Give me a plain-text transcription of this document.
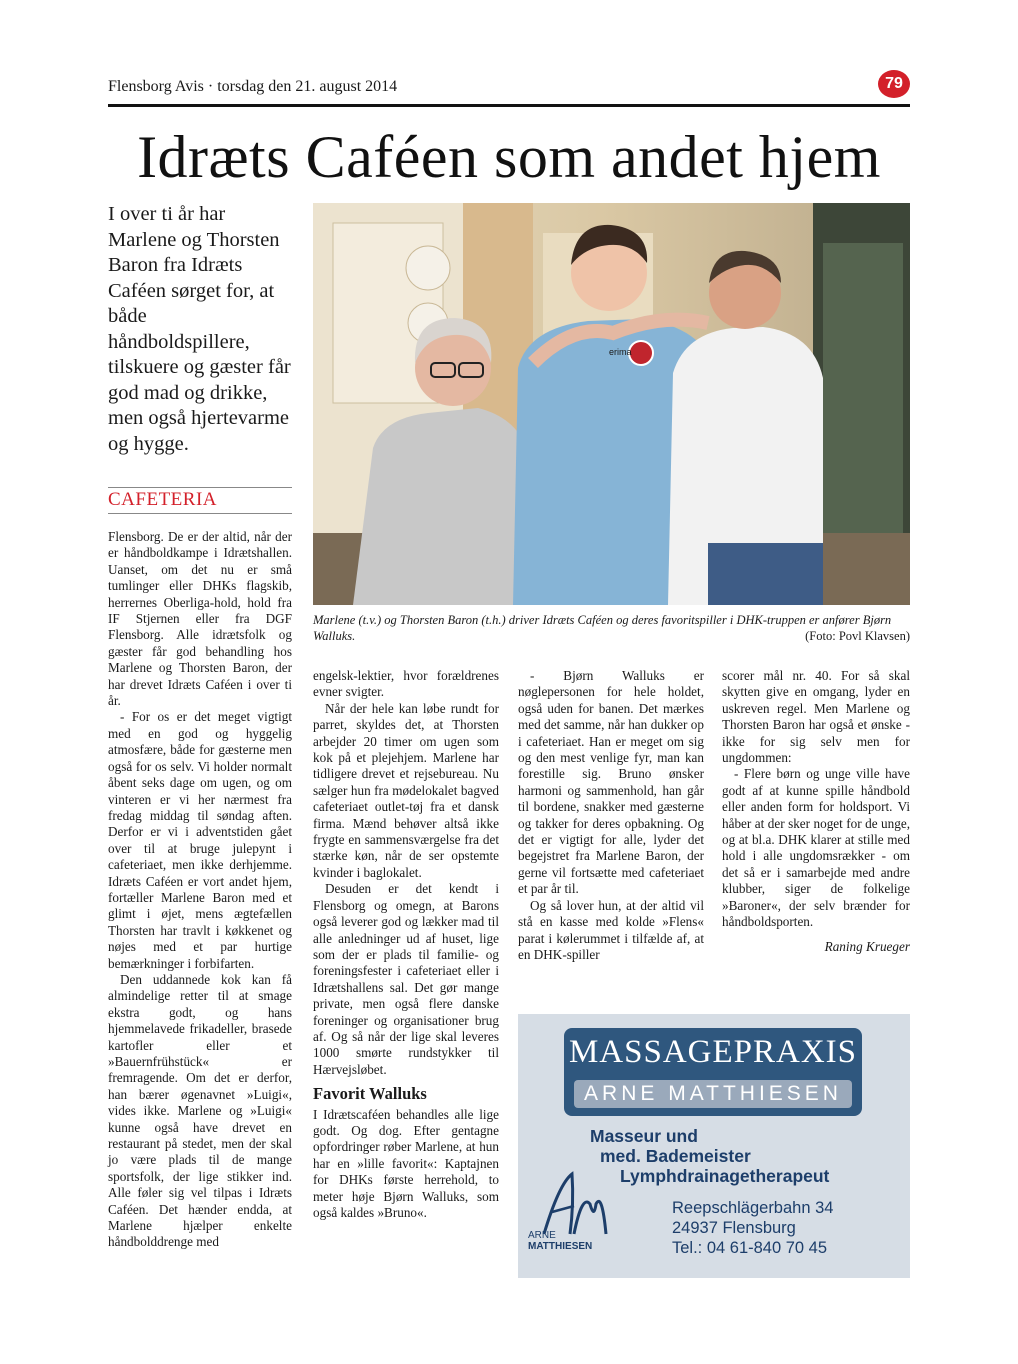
Flensborg Avis · torsdag den 21. august 2014	79
Idræts Caféen som andet hjem
I over ti år har Marlene og Thorsten Baron fra Idræts Caféen sørget for, at både håndboldspillere, tilskuere og gæster får god mad og drikke, men også hjertevarme og hygge.
CAFETERIA

Flensborg. De er der altid, når der er håndboldkampe i Idrætshallen. Uanset, om det nu er små tumlinger eller DHKs flagskib, herrernes Oberliga-hold, hold fra IF Stjernen eller fra DGF Flensborg. Alle idrætsfolk og gæster får god behandling hos Marlene og Thorsten Baron, der har drevet Idræts Caféen i over ti år.

- For os er det meget vigtigt med en god og hyggelig atmosfære, både for gæsterne men også for os selv. Vi holder normalt åbent seks dage om ugen, og om vinteren er vi her nærmest fra fredag middag til søndag aften. Derfor er vi i adventstiden gået over til at bruge julepynt i cafeteriaet, men ikke derhjemme. Idræts Caféen er vort andet hjem, fortæller Marlene Baron med et glimt i øjet, mens ægtefællen Thorsten har travlt i køkkenet og nøjes med et par hurtige bemærkninger i forbifarten.

Den uddannede kok kan få almindelige retter til at smage ekstra godt, og hans hjemmelavede frikadeller, brasede kartofler eller et »Bauernfrühstück« er fremragende. Om det er derfor, han bærer øgenavnet »Luigi«, vides ikke. Marlene og »Luigi« kunne også have drevet en restaurant på stedet, men der skal jo være plads til de mange sportsfolk, der lige stikker ind. Alle føler sig vel tilpas i Idræts Caféen. Det hænder endda, at Marlene hjælper enkelte håndbolddrenge med

erima
Marlene (t.v.) og Thorsten Baron (t.h.) driver Idræts Caféen og deres favoritspiller i DHK-truppen er anfører Bjørn Walluks.	(Foto: Povl Klavsen)

engelsk-lektier, hvor forældrenes evner svigter.

Når der hele kan løbe rundt for parret, skyldes det, at Thorsten arbejder 20 timer om ugen som kok på et plejehjem. Marlene har tidligere drevet et rejsebureau. Nu sælger hun fra mødelokalet bagved cafeteriaet outlet-tøj fra et dansk firma. Mænd behøver altså ikke frygte en sammensværgelse fra det stærke køn, når de ser opstemte kvinder i baglokalet.

Desuden er det kendt i Flensborg og omegn, at Barons også leverer god og lækker mad til alle anledninger ud af huset, lige som der er plads til familie- og foreningsfester i cafeteriaet eller i Idrætshallens sal. Det gør mange private, men også flere danske foreninger og organisationer brug af. Og så når der lige skal leveres 1000 smørte rundstykker til Hærvejsløbet.

Favorit Walluks

I Idrætscaféen behandles alle lige godt. Og dog. Efter gentagne opfordringer røber Marlene, at hun har en »lille favorit«: Kaptajnen for DHKs første herrehold, to meter høje Bjørn Walluks, som også kaldes »Bruno«.

- Bjørn Walluks er nøglepersonen for hele holdet, også uden for banen. Det mærkes med det samme, når han dukker op i cafeteriaet. Han er meget om sig og den mest venlige fyr, man kan forestille sig. Bruno ønsker harmoni og sammenhold, han går til bordene, snakker med gæsterne og takker for deres opbakning. Og det er vigtigt for alle, lyder det begejstret fra Marlene Baron, der gerne vil fortsætte med cafeteriaet et par år til.

Og så lover hun, at der altid vil stå en kasse med kolde »Flens« parat i kølerummet i tilfælde af, at en DHK-spiller

scorer mål nr. 40. For så skal skytten give en omgang, lyder en uskreven regel. Men Marlene og Thorsten Baron har også et ønske - ikke for sig selv men for ungdommen:

- Flere børn og unge ville have godt af at kunne spille håndbold eller anden form for holdsport. Vi håber at der sker noget for de unge, og at bl.a. DHK klarer at stille med hold i alle ungdomsrækker - om det så er i samarbejde med andre klubber, siger de folkelige »Baroner«, der selv brænder for håndboldsporten.

Raning Krueger
MASSAGEPRAXIS
ARNE MATTHIESEN
Masseur und
med. Bademeister
Lymphdrainagetherapeut
ARNE
MATTHIESEN
Reepschlägerbahn 34
24937 Flensburg
Tel.: 04 61-840 70 45
